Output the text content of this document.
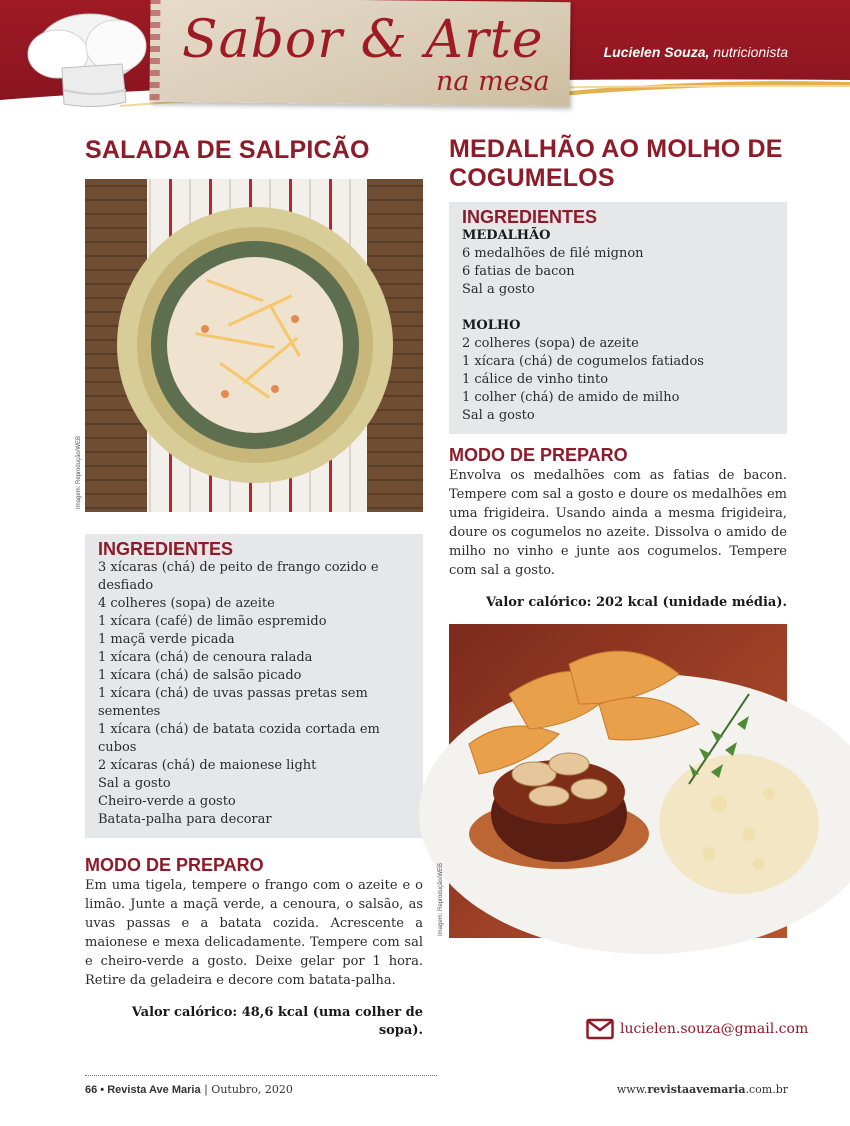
Sabor & Arte
na mesa
Lucielen Souza, nutricionista
SALADA DE SALPICÃO
Imagem: Reprodução/WEB
INGREDIENTES
3 xícaras (chá) de peito de frango cozido e desfiado
4 colheres (sopa) de azeite
1 xícara (café) de limão espremido
1 maçã verde picada
1 xícara (chá) de cenoura ralada
1 xícara (chá) de salsão picado
1 xícara (chá) de uvas passas pretas sem sementes
1 xícara (chá) de batata cozida cortada em cubos
2 xícaras (chá) de maionese light
Sal a gosto
Cheiro-verde a gosto
Batata-palha para decorar
MODO DE PREPARO

Em uma tigela, tempere o frango com o azeite e o limão. Junte a maçã verde, a cenoura, o salsão, as uvas passas e a batata cozida. Acrescente a maionese e mexa delicadamente. Tempere com sal e cheiro-verde a gosto. Deixe gelar por 1 hora. Retire da geladeira e decore com batata-palha.

Valor calórico: 48,6 kcal (uma colher de sopa).

MEDALHÃO AO MOLHO DE COGUMELOS
INGREDIENTES
MEDALHÃO
6 medalhões de filé mignon
6 fatias de bacon
Sal a gosto
MOLHO
2 colheres (sopa) de azeite
1 xícara (chá) de cogumelos fatiados
1 cálice de vinho tinto
1 colher (chá) de amido de milho
Sal a gosto
MODO DE PREPARO

Envolva os medalhões com as fatias de bacon. Tempere com sal a gosto e doure os medalhões em uma frigideira. Usando ainda a mesma frigideira, doure os cogumelos no azeite. Dissolva o amido de milho no vinho e junte aos cogumelos. Tempere com sal a gosto.

Valor calórico: 202 kcal (unidade média).

Imagem: Reprodução/WEB
lucielen.souza@gmail.com
66 • Revista Ave Maria | Outubro, 2020	www.revistaavemaria.com.br
